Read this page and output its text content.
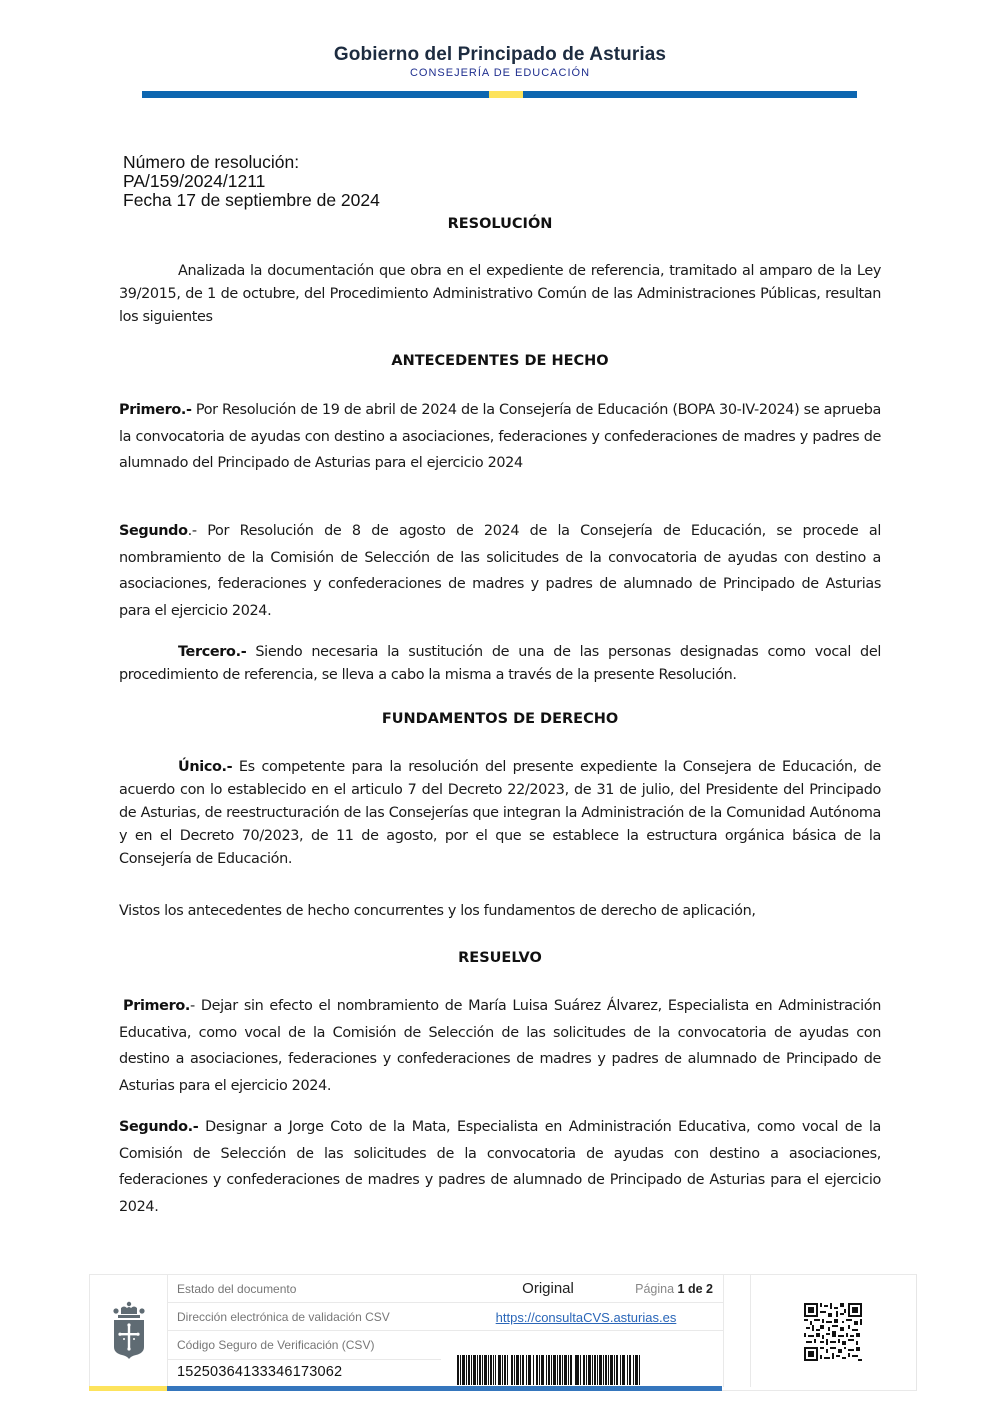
Gobierno del Principado de Asturias
CONSEJERÍA DE EDUCACIÓN
Número de resolución:
PA/159/2024/1211
Fecha 17 de septiembre de 2024
RESOLUCIÓN
Analizada la documentación que obra en el expediente de referencia, tramitado al amparo de la Ley 39/2015, de 1 de octubre, del Procedimiento Administrativo Común de las Administraciones Públicas, resultan los siguientes
ANTECEDENTES DE HECHO
Primero.- Por Resolución de 19 de abril de 2024 de la Consejería de Educación (BOPA 30-IV-2024) se aprueba la convocatoria de ayudas con destino a asociaciones, federaciones y confederaciones de madres y padres de alumnado del Principado de Asturias para el ejercicio 2024
Segundo.- Por Resolución de 8 de agosto de 2024 de la Consejería de Educación, se procede al nombramiento de la Comisión de Selección de las solicitudes de la convocatoria de ayudas con destino a asociaciones, federaciones y confederaciones de madres y padres de alumnado de Principado de Asturias para el ejercicio 2024.
Tercero.- Siendo necesaria la sustitución de una de las personas designadas como vocal del procedimiento de referencia, se lleva a cabo la misma a través de la presente Resolución.
FUNDAMENTOS DE DERECHO
Único.- Es competente para la resolución del presente expediente la Consejera de Educación, de acuerdo con lo establecido en el articulo 7 del Decreto 22/2023, de 31 de julio, del Presidente del Principado de Asturias, de reestructuración de las Consejerías que integran la Administración de la Comunidad Autónoma y en el Decreto 70/2023, de 11 de agosto, por el que se establece la estructura orgánica básica de la Consejería de Educación.
Vistos los antecedentes de hecho concurrentes y los fundamentos de derecho de aplicación,
RESUELVO
Primero.- Dejar sin efecto el nombramiento de María Luisa Suárez Álvarez, Especialista en Administración Educativa, como vocal de la Comisión de Selección de las solicitudes de la convocatoria de ayudas con destino a asociaciones, federaciones y confederaciones de madres y padres de alumnado de Principado de Asturias para el ejercicio 2024.
Segundo.- Designar a Jorge Coto de la Mata, Especialista en Administración Educativa, como vocal de la Comisión de Selección de las solicitudes de la convocatoria de ayudas con destino a asociaciones, federaciones y confederaciones de madres y padres de alumnado de Principado de Asturias para el ejercicio 2024.
Estado del documento	Original	Página 1 de 2
Dirección electrónica de validación CSV	https://consultaCVS.asturias.es
Código Seguro de Verificación (CSV)
15250364133346173062
